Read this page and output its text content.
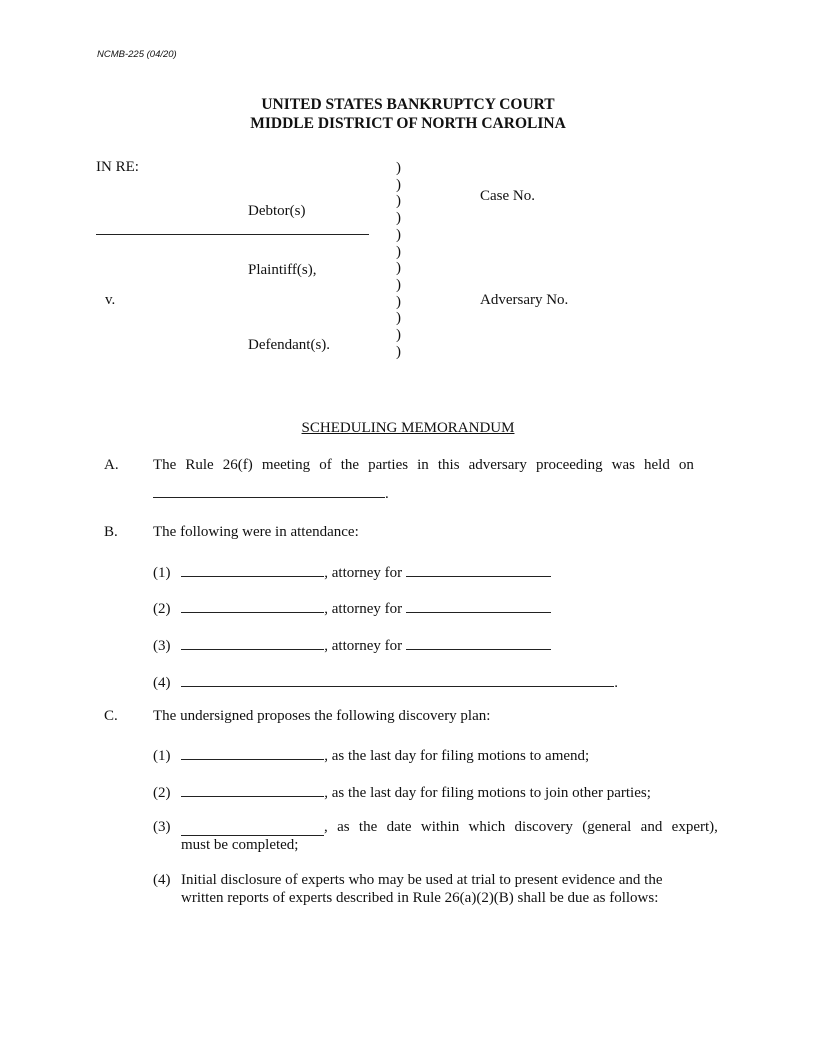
NCMB-225 (04/20)
UNITED STATES BANKRUPTCY COURT
MIDDLE DISTRICT OF NORTH CAROLINA
IN RE:
Debtor(s)
Plaintiff(s),
v.
Defendant(s).
Case No.
Adversary No.
)
)
)
)
)
)
)
)
)
)
)
)
SCHEDULING MEMORANDUM
A. The Rule 26(f) meeting of the parties in this adversary proceeding was held on
.
B. The following were in attendance:
(1)	, attorney for
(2)	, attorney for
(3)	, attorney for
(4)	.
C. The undersigned proposes the following discovery plan:
(1)	, as the last day for filing motions to amend;
(2)	, as the last day for filing motions to join other parties;
(3)	, as the date within which discovery (general and expert),
must be completed;
(4) Initial disclosure of experts who may be used at trial to present evidence and the
written reports of experts described in Rule 26(a)(2)(B) shall be due as follows:
